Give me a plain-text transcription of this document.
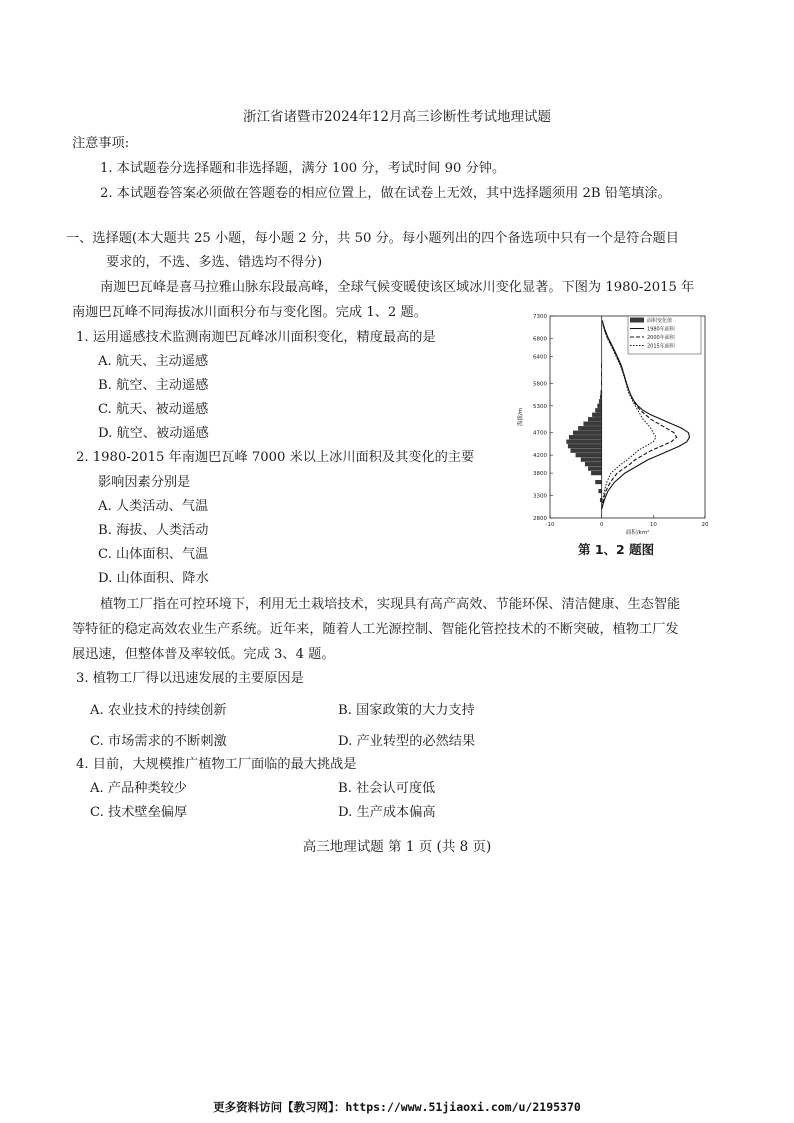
浙江省诸暨市2024年12月高三诊断性考试地理试题
注意事项:
1. 本试题卷分选择题和非选择题，满分 100 分，考试时间 90 分钟。
2. 本试题卷答案必须做在答题卷的相应位置上，做在试卷上无效，其中选择题须用 2B 铅笔填涂。
一、选择题(本大题共 25 小题，每小题 2 分，共 50 分。每小题列出的四个备选项中只有一个是符合题目
要求的，不选、多选、错选均不得分)
南迦巴瓦峰是喜马拉雅山脉东段最高峰，全球气候变暖使该区域冰川变化显著。下图为 1980-2015 年
南迦巴瓦峰不同海拔冰川面积分布与变化图。完成 1、2 题。
1. 运用遥感技术监测南迦巴瓦峰冰川面积变化，精度最高的是
A. 航天、主动遥感
B. 航空、主动遥感
C. 航天、被动遥感
D. 航空、被动遥感
2. 1980-2015 年南迦巴瓦峰 7000 米以上冰川面积及其变化的主要
影响因素分别是
A. 人类活动、气温
B. 海拔、人类活动
C. 山体面积、气温
D. 山体面积、降水
2800
3300
3800
4200
4700
5300
5800
6400
6800
7300
-10	0	10	20
面积/km²
海拔/m
面积变化值
1980年面积
2000年面积
2015年面积
第 1、2 题图
植物工厂指在可控环境下，利用无土栽培技术，实现具有高产高效、节能环保、清洁健康、生态智能
等特征的稳定高效农业生产系统。近年来，随着人工光源控制、智能化管控技术的不断突破，植物工厂发
展迅速，但整体普及率较低。完成 3、4 题。
3. 植物工厂得以迅速发展的主要原因是
A. 农业技术的持续创新	B. 国家政策的大力支持
C. 市场需求的不断刺激	D. 产业转型的必然结果
4. 目前，大规模推广植物工厂面临的最大挑战是
A. 产品种类较少	B. 社会认可度低
C. 技术壁垒偏厚	D. 生产成本偏高
高三地理试题 第 1 页 (共 8 页)
更多资料访问【教习网】：https://www.51jiaoxi.com/u/2195370
